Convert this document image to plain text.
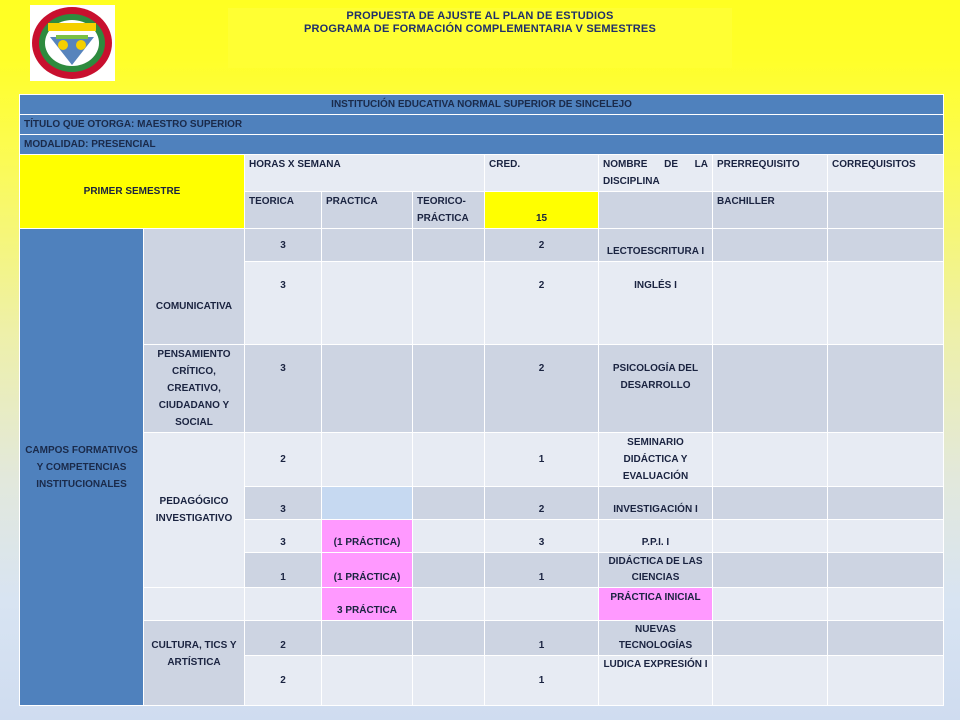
PROPUESTA DE AJUSTE AL PLAN DE ESTUDIOS
PROGRAMA DE FORMACIÓN COMPLEMENTARIA V SEMESTRES
INSTITUCIÓN EDUCATIVA NORMAL SUPERIOR DE SINCELEJO								
TÍTULO QUE OTORGA: MAESTRO SUPERIOR								
MODALIDAD: PRESENCIAL								
PRIMER SEMESTRE		HORAS X SEMANA			CRED.	NOMBRE DE LA DISCIPLINA	PRERREQUISITO	CORREQUISITOS
		TEORICA	PRACTICA	TEORICO-PRÁCTICA	15		BACHILLER	
CAMPOS FORMATIVOS Y COMPETENCIAS INSTITUCIONALES	COMUNICATIVA	3			2	LECTOESCRITURA I		
		3			2	INGLÉS I		
	PENSAMIENTO CRÍTICO, CREATIVO, CIUDADANO Y SOCIAL	3			2	PSICOLOGÍA DEL DESARROLLO		
	PEDAGÓGICO INVESTIGATIVO	2			1	SEMINARIO DIDÁCTICA Y EVALUACIÓN		
		3			2	INVESTIGACIÓN I		
		3	(1 PRÁCTICA)		3	P.P.I. I		
		1	(1 PRÁCTICA)		1	DIDÁCTICA DE LAS CIENCIAS		
			3 PRÁCTICA			PRÁCTICA INICIAL		
	CULTURA, TICS Y ARTÍSTICA	2			1	NUEVAS TECNOLOGÍAS		
		2			1	LUDICA EXPRESIÓN I		
